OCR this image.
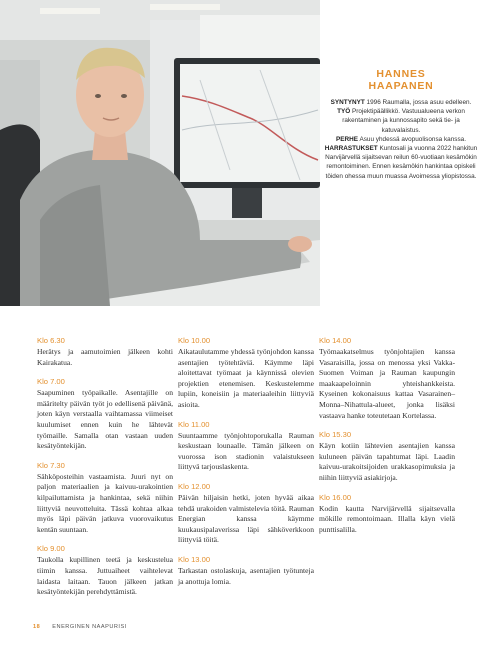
HANNES
HAAPANEN
SYNTYNYT 1996 Raumalla, jossa asuu edelleen.
TYÖ Projektipäällikkö. Vastuualueena verkon rakentaminen ja kunnossapito sekä tie- ja katuvalaistus.
PERHE Asuu yhdessä avopuolisonsa kanssa.
HARRASTUKSET Kuntosali ja vuonna 2022 hankitun Narvijärvellä sijaitsevan reilun 60-vuotiaan kesämökin remontoiminen. Ennen kesämökin hankintaa opiskeli töiden ohessa muun muassa Avoimessa yliopistossa.
Klo 6.30
Herätys ja aamutoimien jälkeen kohti Kairakatua.
Klo 7.00
Saapuminen työpaikalle. Asentajille on määritelty päivän työt jo edellisenä päivänä, joten käyn verstaalla vaihtamassa viimeiset kuulumiset ennen kuin he lähtevät työmaille. Samalla otan vastaan uuden kesätyöntekijän.
Klo 7.30
Sähköposteihin vastaamista. Juuri nyt on paljon materiaalien ja kaivuu-urakointien kilpailuttamista ja hankintaa, sekä niihin liittyviä neuvotteluita. Tässä kohtaa alkaa myös läpi päivän jatkuva vuorovaikutus kentän suuntaan.
Klo 9.00
Taukolla kupillinen teetä ja keskustelua tiimin kanssa. Juttuaiheet vaihtelevat laidasta laitaan. Tauon jälkeen jatkan kesätyöntekijän perehdyttämistä.
Klo 10.00
Aikataulutamme yhdessä työnjohdon kanssa asentajien työtehtäviä. Käymme läpi aloitettavat työmaat ja käynnissä olevien projektien etenemisen. Keskustelemme lupiin, koneisiin ja materiaaleihin liittyviä asioita.
Klo 11.00
Suuntaamme työnjohtoporukalla Rauman keskustaan lounaalle. Tämän jälkeen on vuorossa ison stadionin valaistukseen liittyvä tarjouslaskenta.
Klo 12.00
Päivän hiljaisin hetki, joten hyvää aikaa tehdä urakoiden valmistelevia töitä. Rauman Energian kanssa käymme kuukausipalaverissa läpi sähköverkkoon liittyviä töitä.
Klo 13.00
Tarkastan ostolaskuja, asentajien työtunteja ja anottuja lomia.
Klo 14.00
Työmaakatselmus työnjohtajien kanssa Vasaraisilla, jossa on menossa yksi Vakka-Suomen Voiman ja Rauman kaupungin maakaapeloinnin yhteishankkeista. Kyseinen kokonaisuus kattaa Vasarainen–Monna–Nihattula-alueet, jonka lisäksi vastaava hanke toteutetaan Kortelassa.
Klo 15.30
Käyn kotiin lähtevien asentajien kanssa kuluneen päivän tapahtumat läpi. Laadin kaivuu-urakoitsijoiden urakkasopimuksia ja niihin liittyviä asiakirjoja.
Klo 16.00
Kodin kautta Narvijärvellä sijaitsevalla mökille remontoimaan. Illalla käyn vielä punttisalilla.
18 ENERGINEN NAAPURISI
